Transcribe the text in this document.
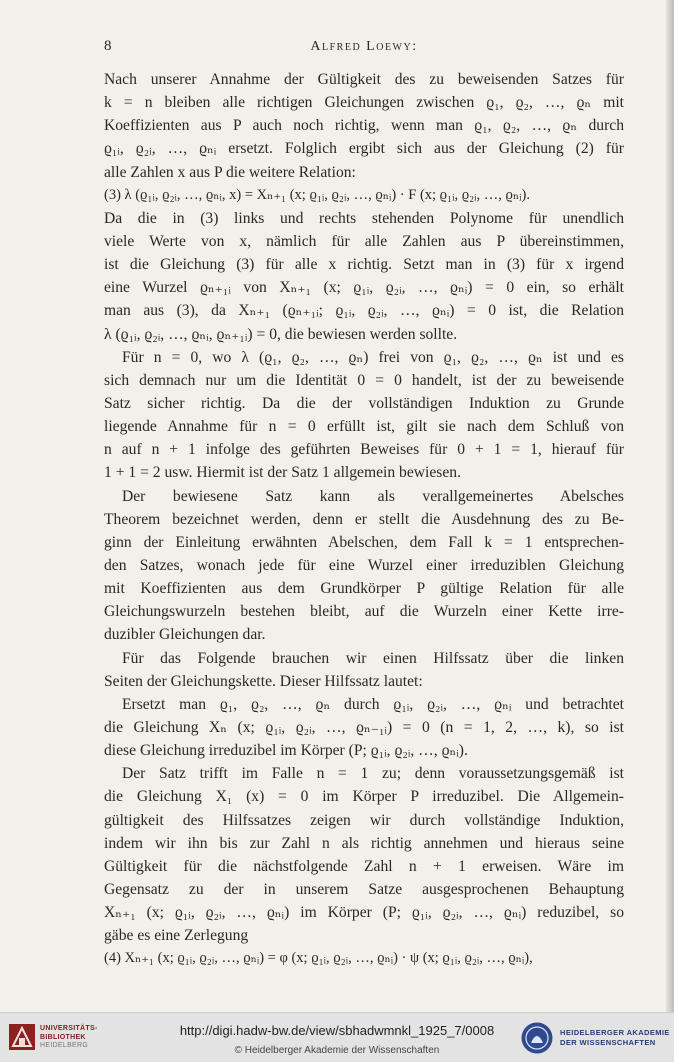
8	Alfred Loewy:
Nach unserer Annahme der Gültigkeit des zu beweisenden Satzes für
k = n bleiben alle richtigen Gleichungen zwischen ϱ₁, ϱ₂, …, ϱₙ mit
Koeffizienten aus P auch noch richtig, wenn man ϱ₁, ϱ₂, …, ϱₙ durch
ϱ₁ᵢ, ϱ₂ᵢ, …, ϱₙᵢ ersetzt. Folglich ergibt sich aus der Gleichung (2) für
alle Zahlen x aus P die weitere Relation:
(3) λ (ϱ₁ᵢ, ϱ₂ᵢ, …, ϱₙᵢ, x) = Xₙ₊₁ (x; ϱ₁ᵢ, ϱ₂ᵢ, …, ϱₙᵢ) · F (x; ϱ₁ᵢ, ϱ₂ᵢ, …, ϱₙᵢ).
Da die in (3) links und rechts stehenden Polynome für unendlich
viele Werte von x, nämlich für alle Zahlen aus P übereinstimmen,
ist die Gleichung (3) für alle x richtig. Setzt man in (3) für x irgend
eine Wurzel ϱₙ₊₁ᵢ von Xₙ₊₁ (x; ϱ₁ᵢ, ϱ₂ᵢ, …, ϱₙᵢ) = 0 ein, so erhält
man aus (3), da Xₙ₊₁ (ϱₙ₊₁ᵢ; ϱ₁ᵢ, ϱ₂ᵢ, …, ϱₙᵢ) = 0 ist, die Relation
λ (ϱ₁ᵢ, ϱ₂ᵢ, …, ϱₙᵢ, ϱₙ₊₁ᵢ) = 0, die bewiesen werden sollte.
Für n = 0, wo λ (ϱ₁, ϱ₂, …, ϱₙ) frei von ϱ₁, ϱ₂, …, ϱₙ ist und es
sich demnach nur um die Identität 0 = 0 handelt, ist der zu beweisende
Satz sicher richtig. Da die der vollständigen Induktion zu Grunde
liegende Annahme für n = 0 erfüllt ist, gilt sie nach dem Schluß von
n auf n + 1 infolge des geführten Beweises für 0 + 1 = 1, hierauf für
1 + 1 = 2 usw. Hiermit ist der Satz 1 allgemein bewiesen.
Der bewiesene Satz kann als verallgemeinertes Abelsches
Theorem bezeichnet werden, denn er stellt die Ausdehnung des zu Be-
ginn der Einleitung erwähnten Abelschen, dem Fall k = 1 entsprechen-
den Satzes, wonach jede für eine Wurzel einer irreduziblen Gleichung
mit Koeffizienten aus dem Grundkörper P gültige Relation für alle
Gleichungswurzeln bestehen bleibt, auf die Wurzeln einer Kette irre-
duzibler Gleichungen dar.
Für das Folgende brauchen wir einen Hilfssatz über die linken
Seiten der Gleichungskette. Dieser Hilfssatz lautet:
Ersetzt man ϱ₁, ϱ₂, …, ϱₙ durch ϱ₁ᵢ, ϱ₂ᵢ, …, ϱₙᵢ und betrachtet
die Gleichung Xₙ (x; ϱ₁ᵢ, ϱ₂ᵢ, …, ϱₙ₋₁ᵢ) = 0 (n = 1, 2, …, k), so ist
diese Gleichung irreduzibel im Körper (P; ϱ₁ᵢ, ϱ₂ᵢ, …, ϱₙᵢ).
Der Satz trifft im Falle n = 1 zu; denn voraussetzungsgemäß ist
die Gleichung X₁ (x) = 0 im Körper P irreduzibel. Die Allgemein-
gültigkeit des Hilfssatzes zeigen wir durch vollständige Induktion,
indem wir ihn bis zur Zahl n als richtig annehmen und hieraus seine
Gültigkeit für die nächstfolgende Zahl n + 1 erweisen. Wäre im
Gegensatz zu der in unserem Satze ausgesprochenen Behauptung
Xₙ₊₁ (x; ϱ₁ᵢ, ϱ₂ᵢ, …, ϱₙᵢ) im Körper (P; ϱ₁ᵢ, ϱ₂ᵢ, …, ϱₙᵢ) reduzibel, so
gäbe es eine Zerlegung
(4) Xₙ₊₁ (x; ϱ₁ᵢ, ϱ₂ᵢ, …, ϱₙᵢ) = φ (x; ϱ₁ᵢ, ϱ₂ᵢ, …, ϱₙᵢ) · ψ (x; ϱ₁ᵢ, ϱ₂ᵢ, …, ϱₙᵢ),
UNIVERSITÄTS-
BIBLIOTHEK
HEIDELBERG
http://digi.hadw-bw.de/view/sbhadwmnkl_1925_7/0008
© Heidelberger Akademie der Wissenschaften
HEIDELBERGER AKADEMIE
DER WISSENSCHAFTEN
